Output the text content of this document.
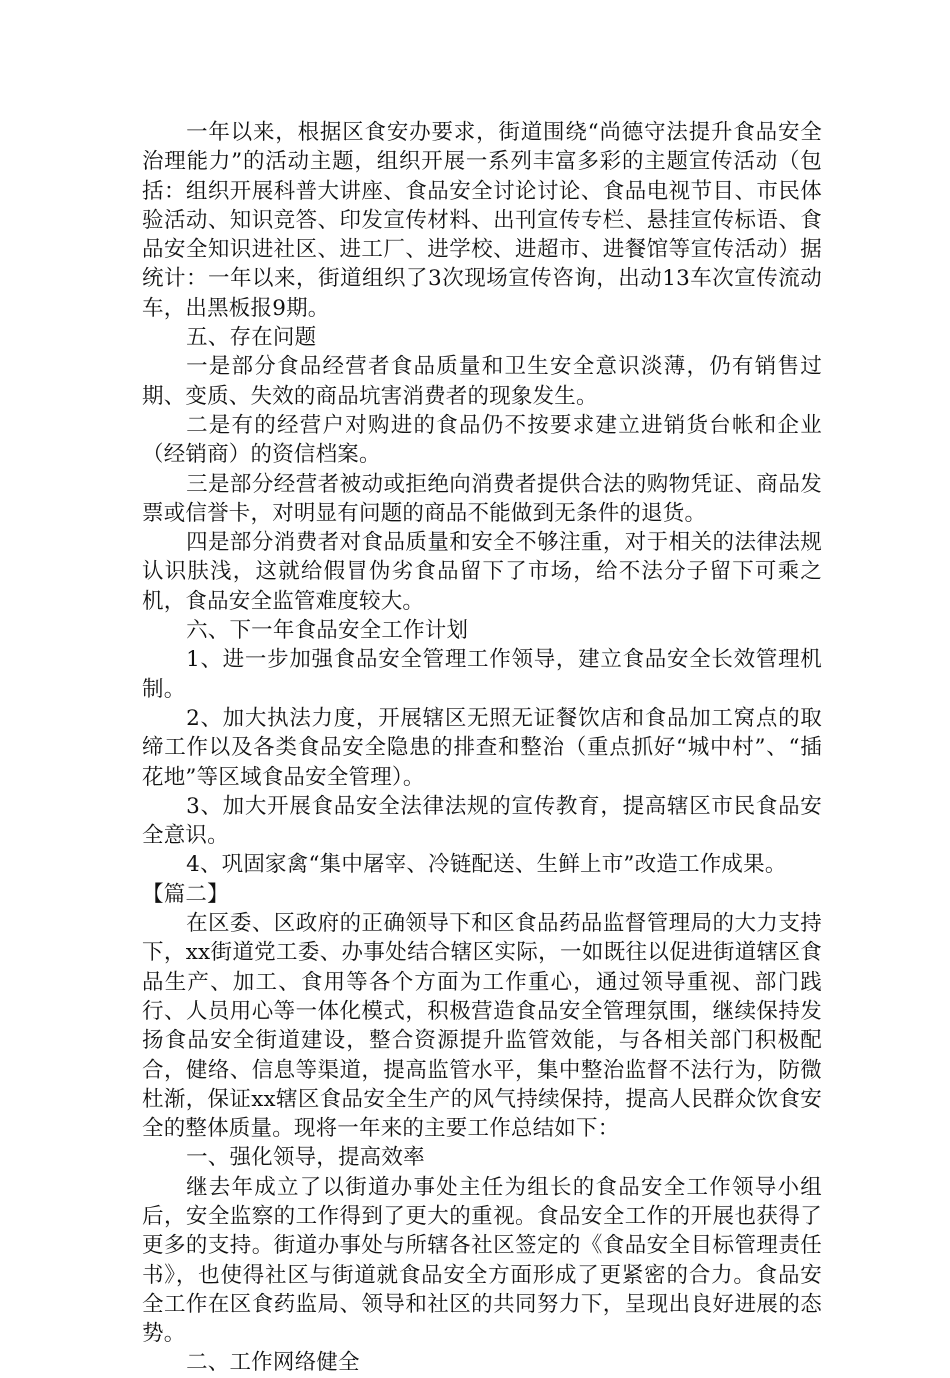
一年以来，根据区食安办要求，街道围绕“尚德守法提升食品安全治理能力”的活动主题，组织开展一系列丰富多彩的主题宣传活动（包括：组织开展科普大讲座、食品安全讨论讨论、食品电视节目、市民体验活动、知识竞答、印发宣传材料、出刊宣传专栏、悬挂宣传标语、食品安全知识进社区、进工厂、进学校、进超市、进餐馆等宣传活动）据统计：一年以来，街道组织了3次现场宣传咨询，出动13车次宣传流动车，出黑板报9期。

五、存在问题

一是部分食品经营者食品质量和卫生安全意识淡薄，仍有销售过期、变质、失效的商品坑害消费者的现象发生。

二是有的经营户对购进的食品仍不按要求建立进销货台帐和企业（经销商）的资信档案。

三是部分经营者被动或拒绝向消费者提供合法的购物凭证、商品发票或信誉卡，对明显有问题的商品不能做到无条件的退货。

四是部分消费者对食品质量和安全不够注重，对于相关的法律法规认识肤浅，这就给假冒伪劣食品留下了市场，给不法分子留下可乘之机，食品安全监管难度较大。

六、下一年食品安全工作计划

1、进一步加强食品安全管理工作领导，建立食品安全长效管理机制。

2、加大执法力度，开展辖区无照无证餐饮店和食品加工窝点的取缔工作以及各类食品安全隐患的排查和整治（重点抓好“城中村”、“插花地”等区域食品安全管理）。

3、加大开展食品安全法律法规的宣传教育，提高辖区市民食品安全意识。

4、巩固家禽“集中屠宰、冷链配送、生鲜上市”改造工作成果。

【篇二】

在区委、区政府的正确领导下和区食品药品监督管理局的大力支持下，xx街道党工委、办事处结合辖区实际，一如既往以促进街道辖区食品生产、加工、食用等各个方面为工作重心，通过领导重视、部门践行、人员用心等一体化模式，积极营造食品安全管理氛围，继续保持发扬食品安全街道建设，整合资源提升监管效能，与各相关部门积极配合，健络、信息等渠道，提高监管水平，集中整治监督不法行为，防微杜渐，保证xx辖区食品安全生产的风气持续保持，提高人民群众饮食安全的整体质量。现将一年来的主要工作总结如下：

一、强化领导，提高效率

继去年成立了以街道办事处主任为组长的食品安全工作领导小组后，安全监察的工作得到了更大的重视。食品安全工作的开展也获得了更多的支持。街道办事处与所辖各社区签定的《食品安全目标管理责任书》，也使得社区与街道就食品安全方面形成了更紧密的合力。食品安全工作在区食药监局、领导和社区的共同努力下，呈现出良好进展的态势。

二、工作网络健全
